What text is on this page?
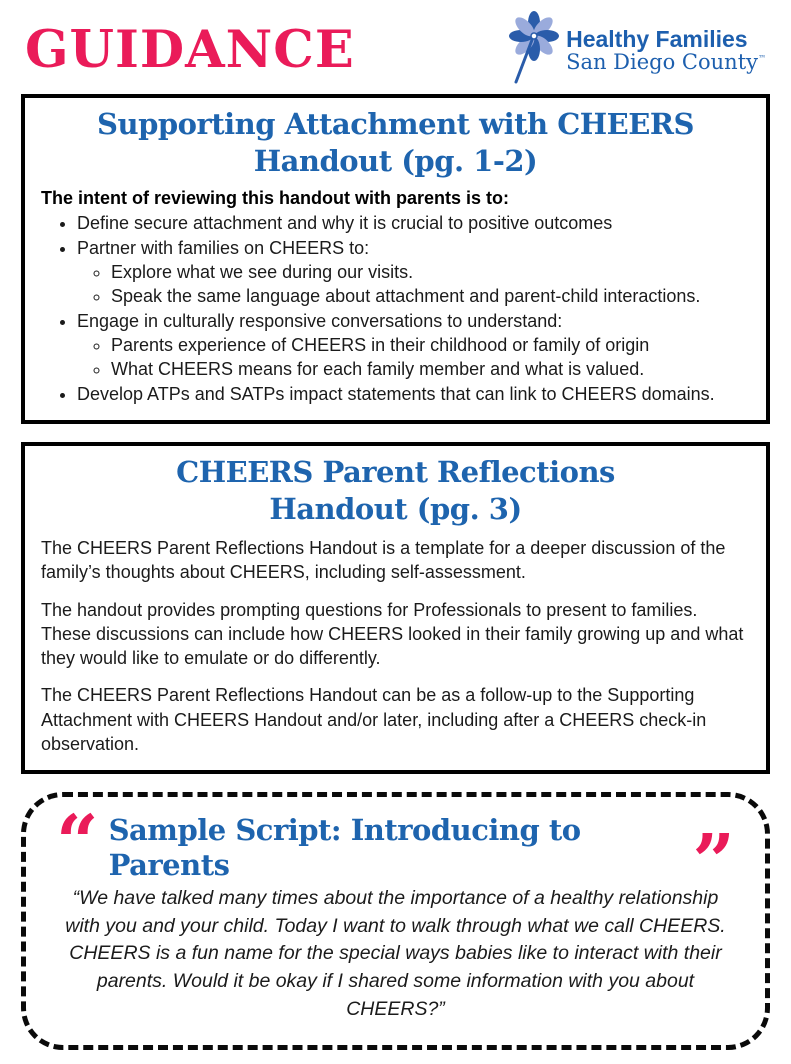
GUIDANCE	Healthy Families
San Diego County™
Supporting Attachment with CHEERS
Handout (pg. 1-2)
The intent of reviewing this handout with parents is to:
• Define secure attachment and why it is crucial to positive outcomes
• Partner with families on CHEERS to:
◦ Explore what we see during our visits.
◦ Speak the same language about attachment and parent-child interactions.
• Engage in culturally responsive conversations to understand:
◦ Parents experience of CHEERS in their childhood or family of origin
◦ What CHEERS means for each family member and what is valued.
• Develop ATPs and SATPs impact statements that can link to CHEERS domains.
CHEERS Parent Reflections
Handout (pg. 3)
The CHEERS Parent Reflections Handout is a template for a deeper discussion of the family’s thoughts about CHEERS, including self-assessment.
The handout provides prompting questions for Professionals to present to families. These discussions can include how CHEERS looked in their family growing up and what they would like to emulate or do differently.
The CHEERS Parent Reflections Handout can be as a follow-up to the Supporting Attachment with CHEERS Handout and/or later, including after a CHEERS check-in observation.
“ Sample Script: Introducing to Parents	”
“We have talked many times about the importance of a healthy relationship with you and your child. Today I want to walk through what we call CHEERS. CHEERS is a fun name for the special ways babies like to interact with their parents. Would it be okay if I shared some information with you about CHEERS?”
